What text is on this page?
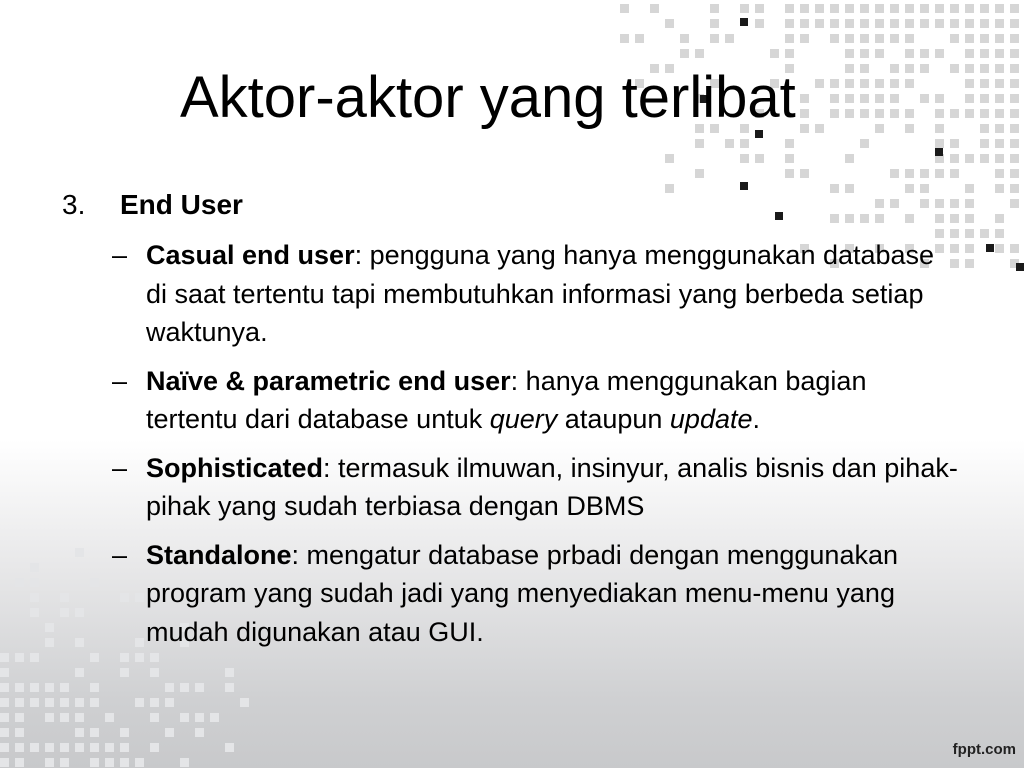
Aktor-aktor yang terlibat
3. End User
– Casual end user: pengguna yang hanya menggunakan database di saat tertentu tapi membutuhkan informasi yang berbeda setiap waktunya.
– Naïve & parametric end user: hanya menggunakan bagian tertentu dari database untuk query ataupun update.
– Sophisticated: termasuk ilmuwan, insinyur, analis bisnis dan pihak-pihak yang sudah terbiasa dengan DBMS
– Standalone: mengatur database prbadi dengan menggunakan program yang sudah jadi yang menyediakan menu-menu yang mudah digunakan atau GUI.
fppt.com
